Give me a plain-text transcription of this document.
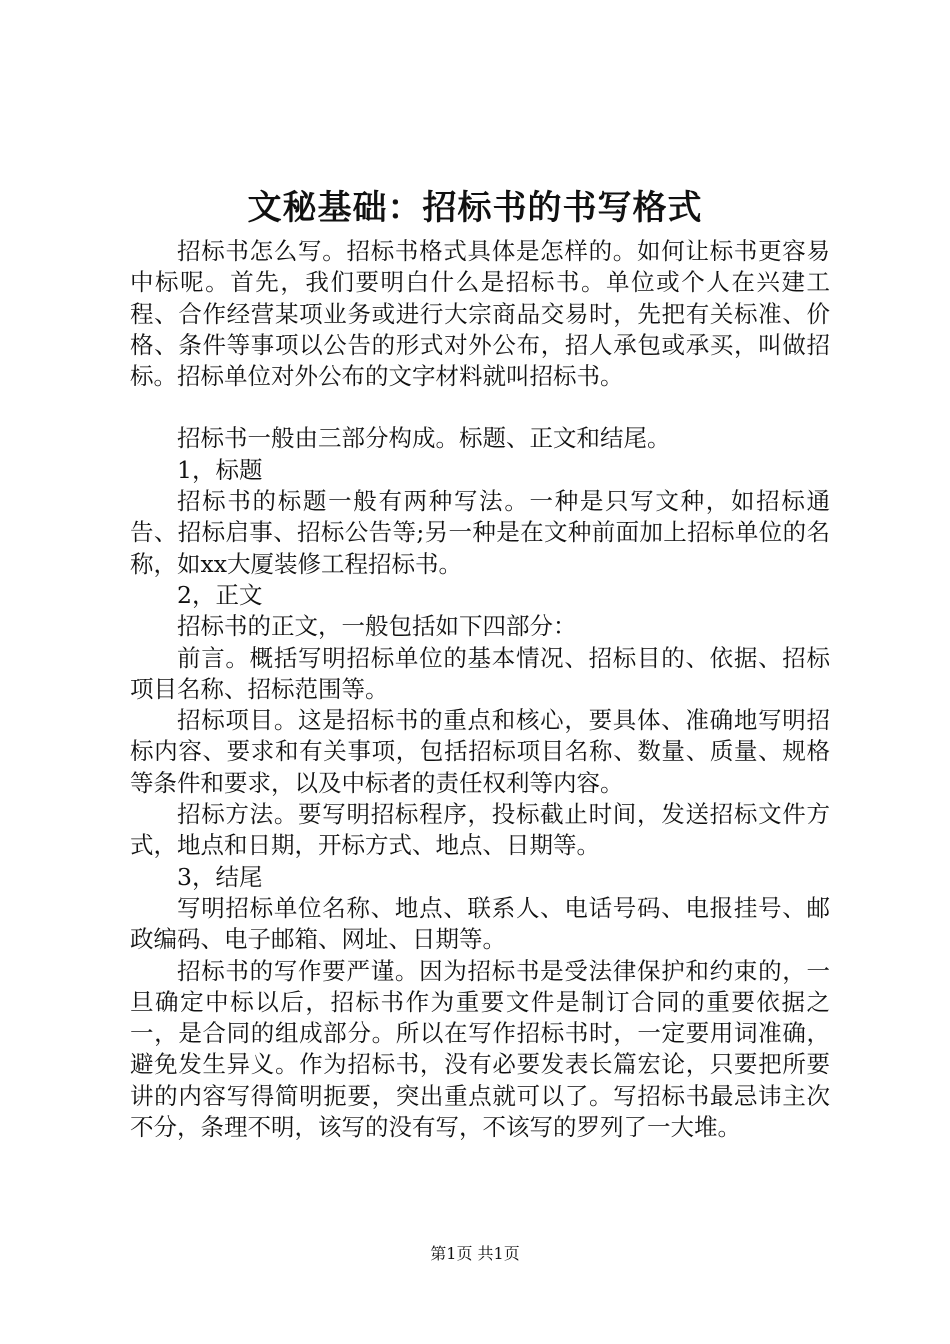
文秘基础：招标书的书写格式

招标书怎么写。招标书格式具体是怎样的。如何让标书更容易中标呢。首先，我们要明白什么是招标书。单位或个人在兴建工程、合作经营某项业务或进行大宗商品交易时，先把有关标准、价格、条件等事项以公告的形式对外公布，招人承包或承买，叫做招标。招标单位对外公布的文字材料就叫招标书。

招标书一般由三部分构成。标题、正文和结尾。

1，标题

招标书的标题一般有两种写法。一种是只写文种，如招标通告、招标启事、招标公告等;另一种是在文种前面加上招标单位的名称，如xx大厦装修工程招标书。

2，正文

招标书的正文，一般包括如下四部分：

前言。概括写明招标单位的基本情况、招标目的、依据、招标项目名称、招标范围等。

招标项目。这是招标书的重点和核心，要具体、准确地写明招标内容、要求和有关事项，包括招标项目名称、数量、质量、规格等条件和要求，以及中标者的责任权利等内容。

招标方法。要写明招标程序，投标截止时间，发送招标文件方式，地点和日期，开标方式、地点、日期等。

3，结尾

写明招标单位名称、地点、联系人、电话号码、电报挂号、邮政编码、电子邮箱、网址、日期等。

招标书的写作要严谨。因为招标书是受法律保护和约束的，一旦确定中标以后，招标书作为重要文件是制订合同的重要依据之一，是合同的组成部分。所以在写作招标书时，一定要用词准确，避免发生异义。作为招标书，没有必要发表长篇宏论，只要把所要讲的内容写得简明扼要，突出重点就可以了。写招标书最忌讳主次不分，条理不明，该写的没有写，不该写的罗列了一大堆。

第1页 共1页
